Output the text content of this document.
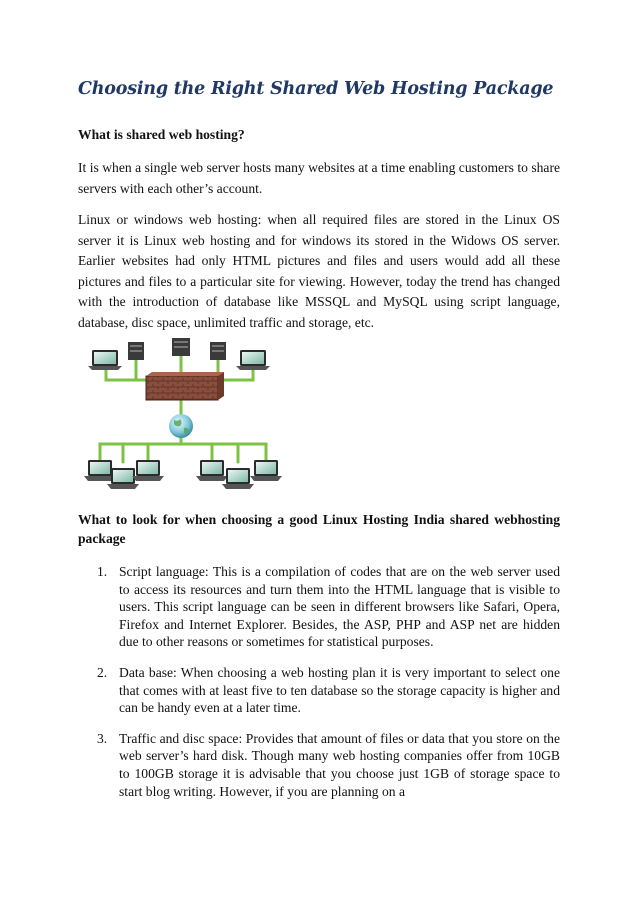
Choosing the Right Shared Web Hosting Package

What is shared web hosting?

It is when a single web server hosts many websites at a time enabling customers to share servers with each other’s account.

Linux or windows web hosting: when all required files are stored in the Linux OS server it is Linux web hosting and for windows its stored in the Widows OS server. Earlier websites had only HTML pictures and files and users would add all these pictures and files to a particular site for viewing. However, today the trend has changed with the introduction of database like MSSQL and MySQL using script language, database, disc space, unlimited traffic and storage, etc.

What to look for when choosing a good Linux Hosting India shared webhosting package

1. Script language: This is a compilation of codes that are on the web server used to access its resources and turn them into the HTML language that is visible to users. This script language can be seen in different browsers like Safari, Opera, Firefox and Internet Explorer. Besides, the ASP, PHP and ASP net are hidden due to other reasons or sometimes for statistical purposes.
2. Data base: When choosing a web hosting plan it is very important to select one that comes with at least five to ten database so the storage capacity is higher and can be handy even at a later time.
3. Traffic and disc space: Provides that amount of files or data that you store on the web server’s hard disk. Though many web hosting companies offer from 10GB to 100GB storage it is advisable that you choose just 1GB of storage space to start blog writing. However, if you are planning on a
